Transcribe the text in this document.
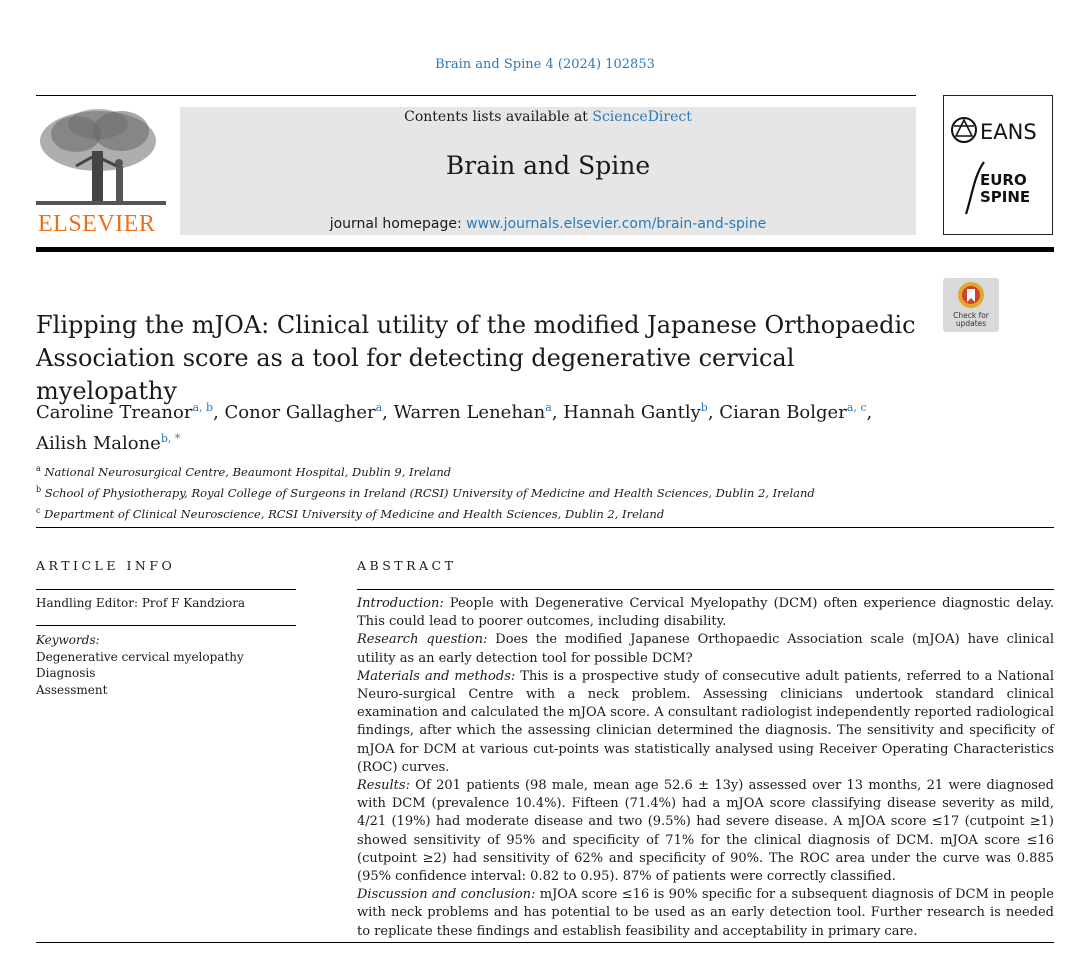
Brain and Spine 4 (2024) 102853
ELSEVIER
Contents lists available at ScienceDirect
Brain and Spine
journal homepage: www.journals.elsevier.com/brain-and-spine
EANS
EURO
SPINE
Check for
updates
Flipping the mJOA: Clinical utility of the modified Japanese Orthopaedic Association score as a tool for detecting degenerative cervical myelopathy
Caroline Treanor$^{a, b}$, Conor Gallagher$^a$, Warren Lenehan$^a$, Hannah Gantly$^b$, Ciaran Bolger$^{a, c}$,
Ailish Malone$^{b, *}$
$^a$ National Neurosurgical Centre, Beaumont Hospital, Dublin 9, Ireland
$^b$ School of Physiotherapy, Royal College of Surgeons in Ireland (RCSI) University of Medicine and Health Sciences, Dublin 2, Ireland
$^c$ Department of Clinical Neuroscience, RCSI University of Medicine and Health Sciences, Dublin 2, Ireland
ARTICLE INFO	ABSTRACT
Handling Editor: Prof F Kandziora
Keywords:
Degenerative cervical myelopathy
Diagnosis
Assessment

Introduction: People with Degenerative Cervical Myelopathy (DCM) often experience diagnostic delay. This could lead to poorer outcomes, including disability.

Research question: Does the modified Japanese Orthopaedic Association scale (mJOA) have clinical utility as an early detection tool for possible DCM?

Materials and methods: This is a prospective study of consecutive adult patients, referred to a National Neuro-surgical Centre with a neck problem. Assessing clinicians undertook standard clinical examination and calculated the mJOA score. A consultant radiologist independently reported radiological findings, after which the assessing clinician determined the diagnosis. The sensitivity and specificity of mJOA for DCM at various cut-points was statistically analysed using Receiver Operating Characteristics (ROC) curves.

Results: Of 201 patients (98 male, mean age 52.6 ± 13y) assessed over 13 months, 21 were diagnosed with DCM (prevalence 10.4%). Fifteen (71.4%) had a mJOA score classifying disease severity as mild, 4/21 (19%) had moderate disease and two (9.5%) had severe disease. A mJOA score ≤17 (cutpoint ≥1) showed sensitivity of 95% and specificity of 71% for the clinical diagnosis of DCM. mJOA score ≤16 (cutpoint ≥2) had sensitivity of 62% and specificity of 90%. The ROC area under the curve was 0.885 (95% confidence interval: 0.82 to 0.95). 87% of patients were correctly classified.

Discussion and conclusion: mJOA score ≤16 is 90% specific for a subsequent diagnosis of DCM in people with neck problems and has potential to be used as an early detection tool. Further research is needed to replicate these findings and establish feasibility and acceptability in primary care.
